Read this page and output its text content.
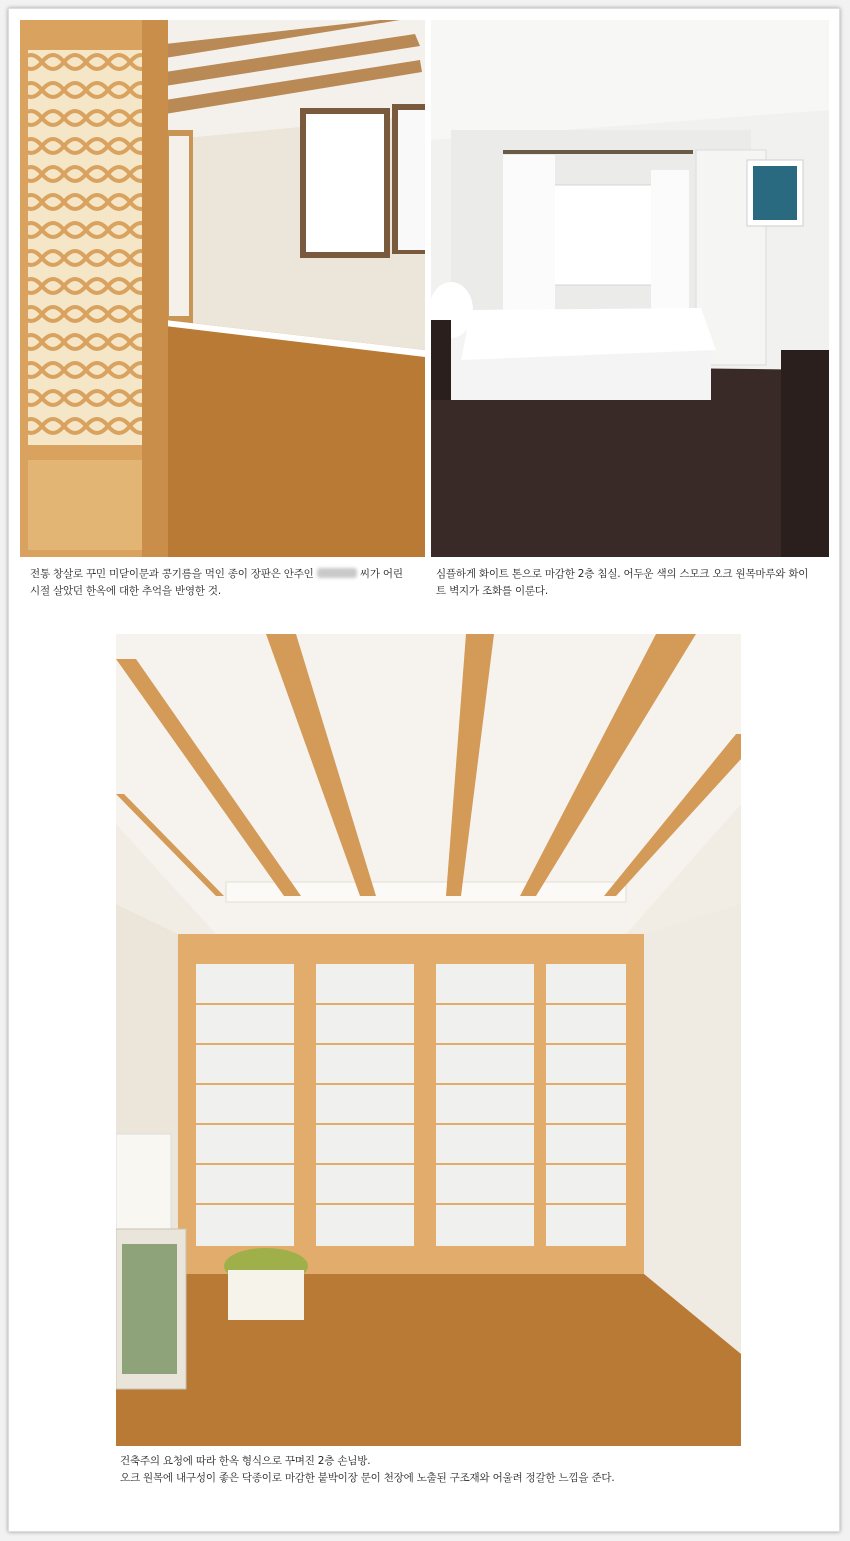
전통 창살로 꾸민 미닫이문과 콩기름을 먹인 종이 장판은 안주인	씨가 어린

시절 살았던 한옥에 대한 추억을 반영한 것.

심플하게 화이트 톤으로 마감한 2층 침실. 어두운 색의 스모크 오크 원목마루와 화이

트 벽지가 조화를 이룬다.

건축주의 요청에 따라 한옥 형식으로 꾸며진 2층 손님방.

오크 원목에 내구성이 좋은 닥종이로 마감한 붙박이장 문이 천장에 노출된 구조재와 어울려 정갈한 느낌을 준다.
